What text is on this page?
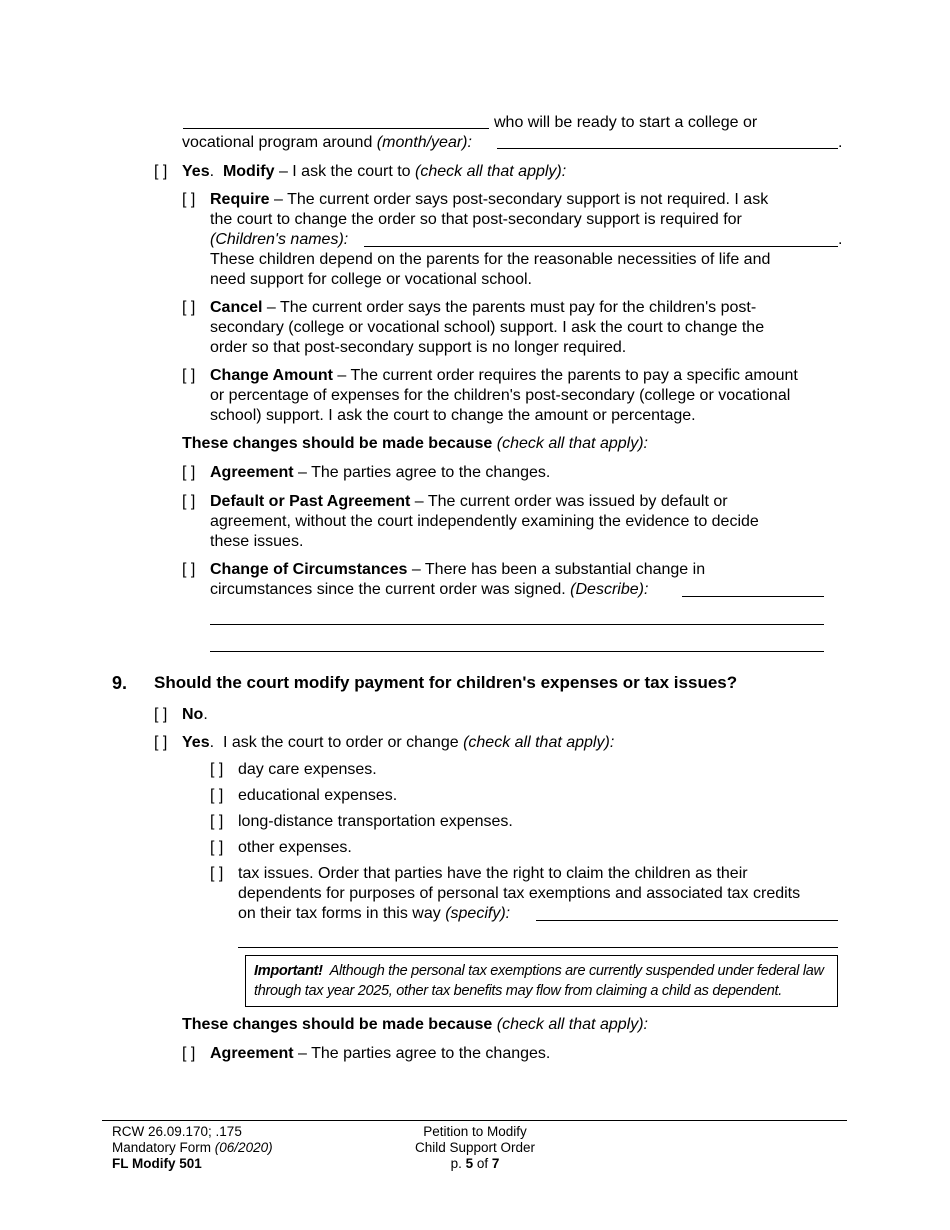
who will be ready to start a college or
vocational program around (month/year):	.
[ ] Yes.  Modify – I ask the court to (check all that apply):
[ ] Require – The current order says post-secondary support is not required. I ask
the court to change the order so that post-secondary support is required for
(Children's names):	.
These children depend on the parents for the reasonable necessities of life and
need support for college or vocational school.
[ ] Cancel – The current order says the parents must pay for the children's post-
secondary (college or vocational school) support. I ask the court to change the
order so that post-secondary support is no longer required.
[ ] Change Amount – The current order requires the parents to pay a specific amount
or percentage of expenses for the children's post-secondary (college or vocational
school) support. I ask the court to change the amount or percentage.
These changes should be made because (check all that apply):
[ ] Agreement – The parties agree to the changes.
[ ] Default or Past Agreement – The current order was issued by default or
agreement, without the court independently examining the evidence to decide
these issues.
[ ] Change of Circumstances – There has been a substantial change in
circumstances since the current order was signed. (Describe):
9. Should the court modify payment for children's expenses or tax issues?
[ ] No.
[ ] Yes.  I ask the court to order or change (check all that apply):
[ ] day care expenses.
[ ] educational expenses.
[ ] long-distance transportation expenses.
[ ] other expenses.
[ ] tax issues. Order that parties have the right to claim the children as their
dependents for purposes of personal tax exemptions and associated tax credits
on their tax forms in this way (specify):
Important! Although the personal tax exemptions are currently suspended under federal law
through tax year 2025, other tax benefits may flow from claiming a child as dependent.
These changes should be made because (check all that apply):
[ ] Agreement – The parties agree to the changes.
RCW 26.09.170; .175
Mandatory Form (06/2020)
FL Modify 501
Petition to Modify
Child Support Order
p. 5 of 7
